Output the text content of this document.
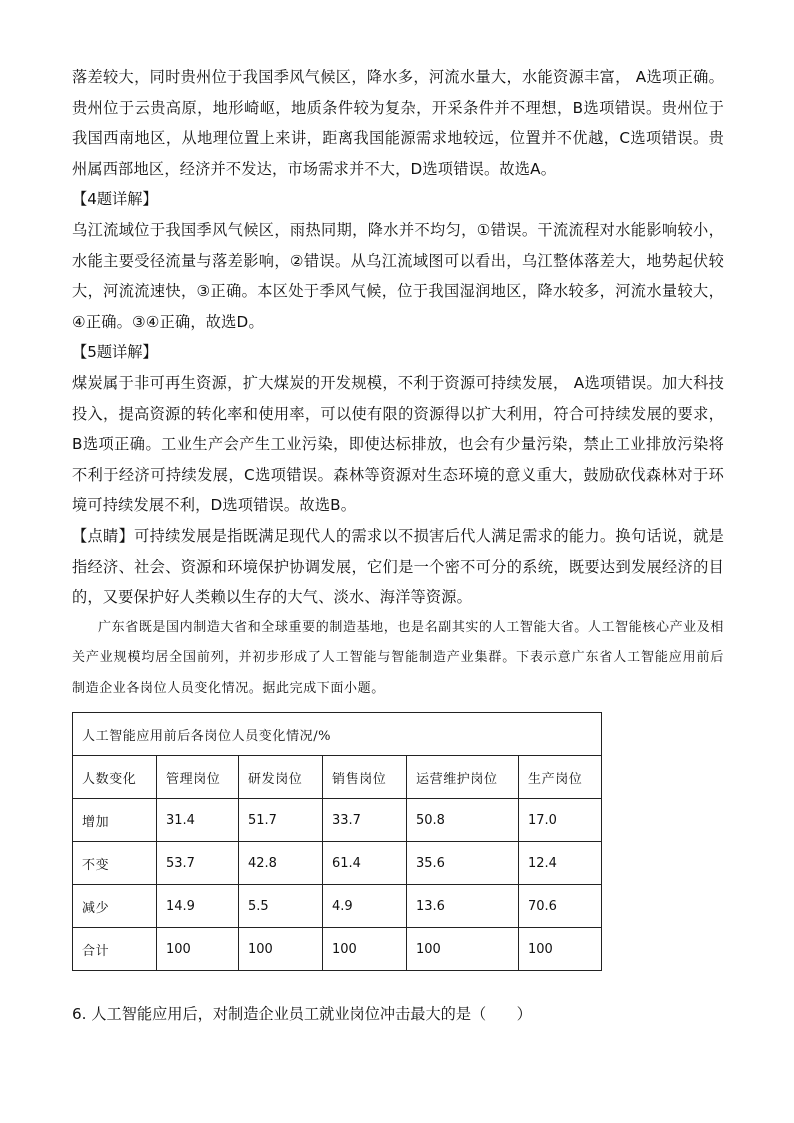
落差较大，同时贵州位于我国季风气候区，降水多，河流水量大，水能资源丰富， A选项正确。贵州位于云贵高原，地形崎岖，地质条件较为复杂，开采条件并不理想，B选项错误。贵州位于我国西南地区，从地理位置上来讲，距离我国能源需求地较远，位置并不优越，C选项错误。贵州属西部地区，经济并不发达，市场需求并不大，D选项错误。故选A。

【4题详解】

乌江流域位于我国季风气候区，雨热同期，降水并不均匀，①错误。干流流程对水能影响较小，水能主要受径流量与落差影响，②错误。从乌江流域图可以看出，乌江整体落差大，地势起伏较大，河流流速快，③正确。本区处于季风气候，位于我国湿润地区，降水较多，河流水量较大，④正确。③④正确，故选D。

【5题详解】

煤炭属于非可再生资源，扩大煤炭的开发规模，不利于资源可持续发展， A选项错误。加大科技投入，提高资源的转化率和使用率，可以使有限的资源得以扩大利用，符合可持续发展的要求，B选项正确。工业生产会产生工业污染，即使达标排放，也会有少量污染，禁止工业排放污染将不利于经济可持续发展，C选项错误。森林等资源对生态环境的意义重大，鼓励砍伐森林对于环境可持续发展不利，D选项错误。故选B。

【点睛】可持续发展是指既满足现代人的需求以不损害后代人满足需求的能力。换句话说，就是指经济、社会、资源和环境保护协调发展，它们是一个密不可分的系统，既要达到发展经济的目的，又要保护好人类赖以生存的大气、淡水、海洋等资源。

广东省既是国内制造大省和全球重要的制造基地，也是名副其实的人工智能大省。人工智能核心产业及相关产业规模均居全国前列，并初步形成了人工智能与智能制造产业集群。下表示意广东省人工智能应用前后制造企业各岗位人员变化情况。据此完成下面小题。

人工智能应用前后各岗位人员变化情况/%					
人数变化	管理岗位	研发岗位	销售岗位	运营维护岗位	生产岗位
增加	31.4	51.7	33.7	50.8	17.0
不变	53.7	42.8	61.4	35.6	12.4
减少	14.9	5.5	4.9	13.6	70.6
合计	100	100	100	100	100
6. 人工智能应用后，对制造企业员工就业岗位冲击最大的是（　　）
